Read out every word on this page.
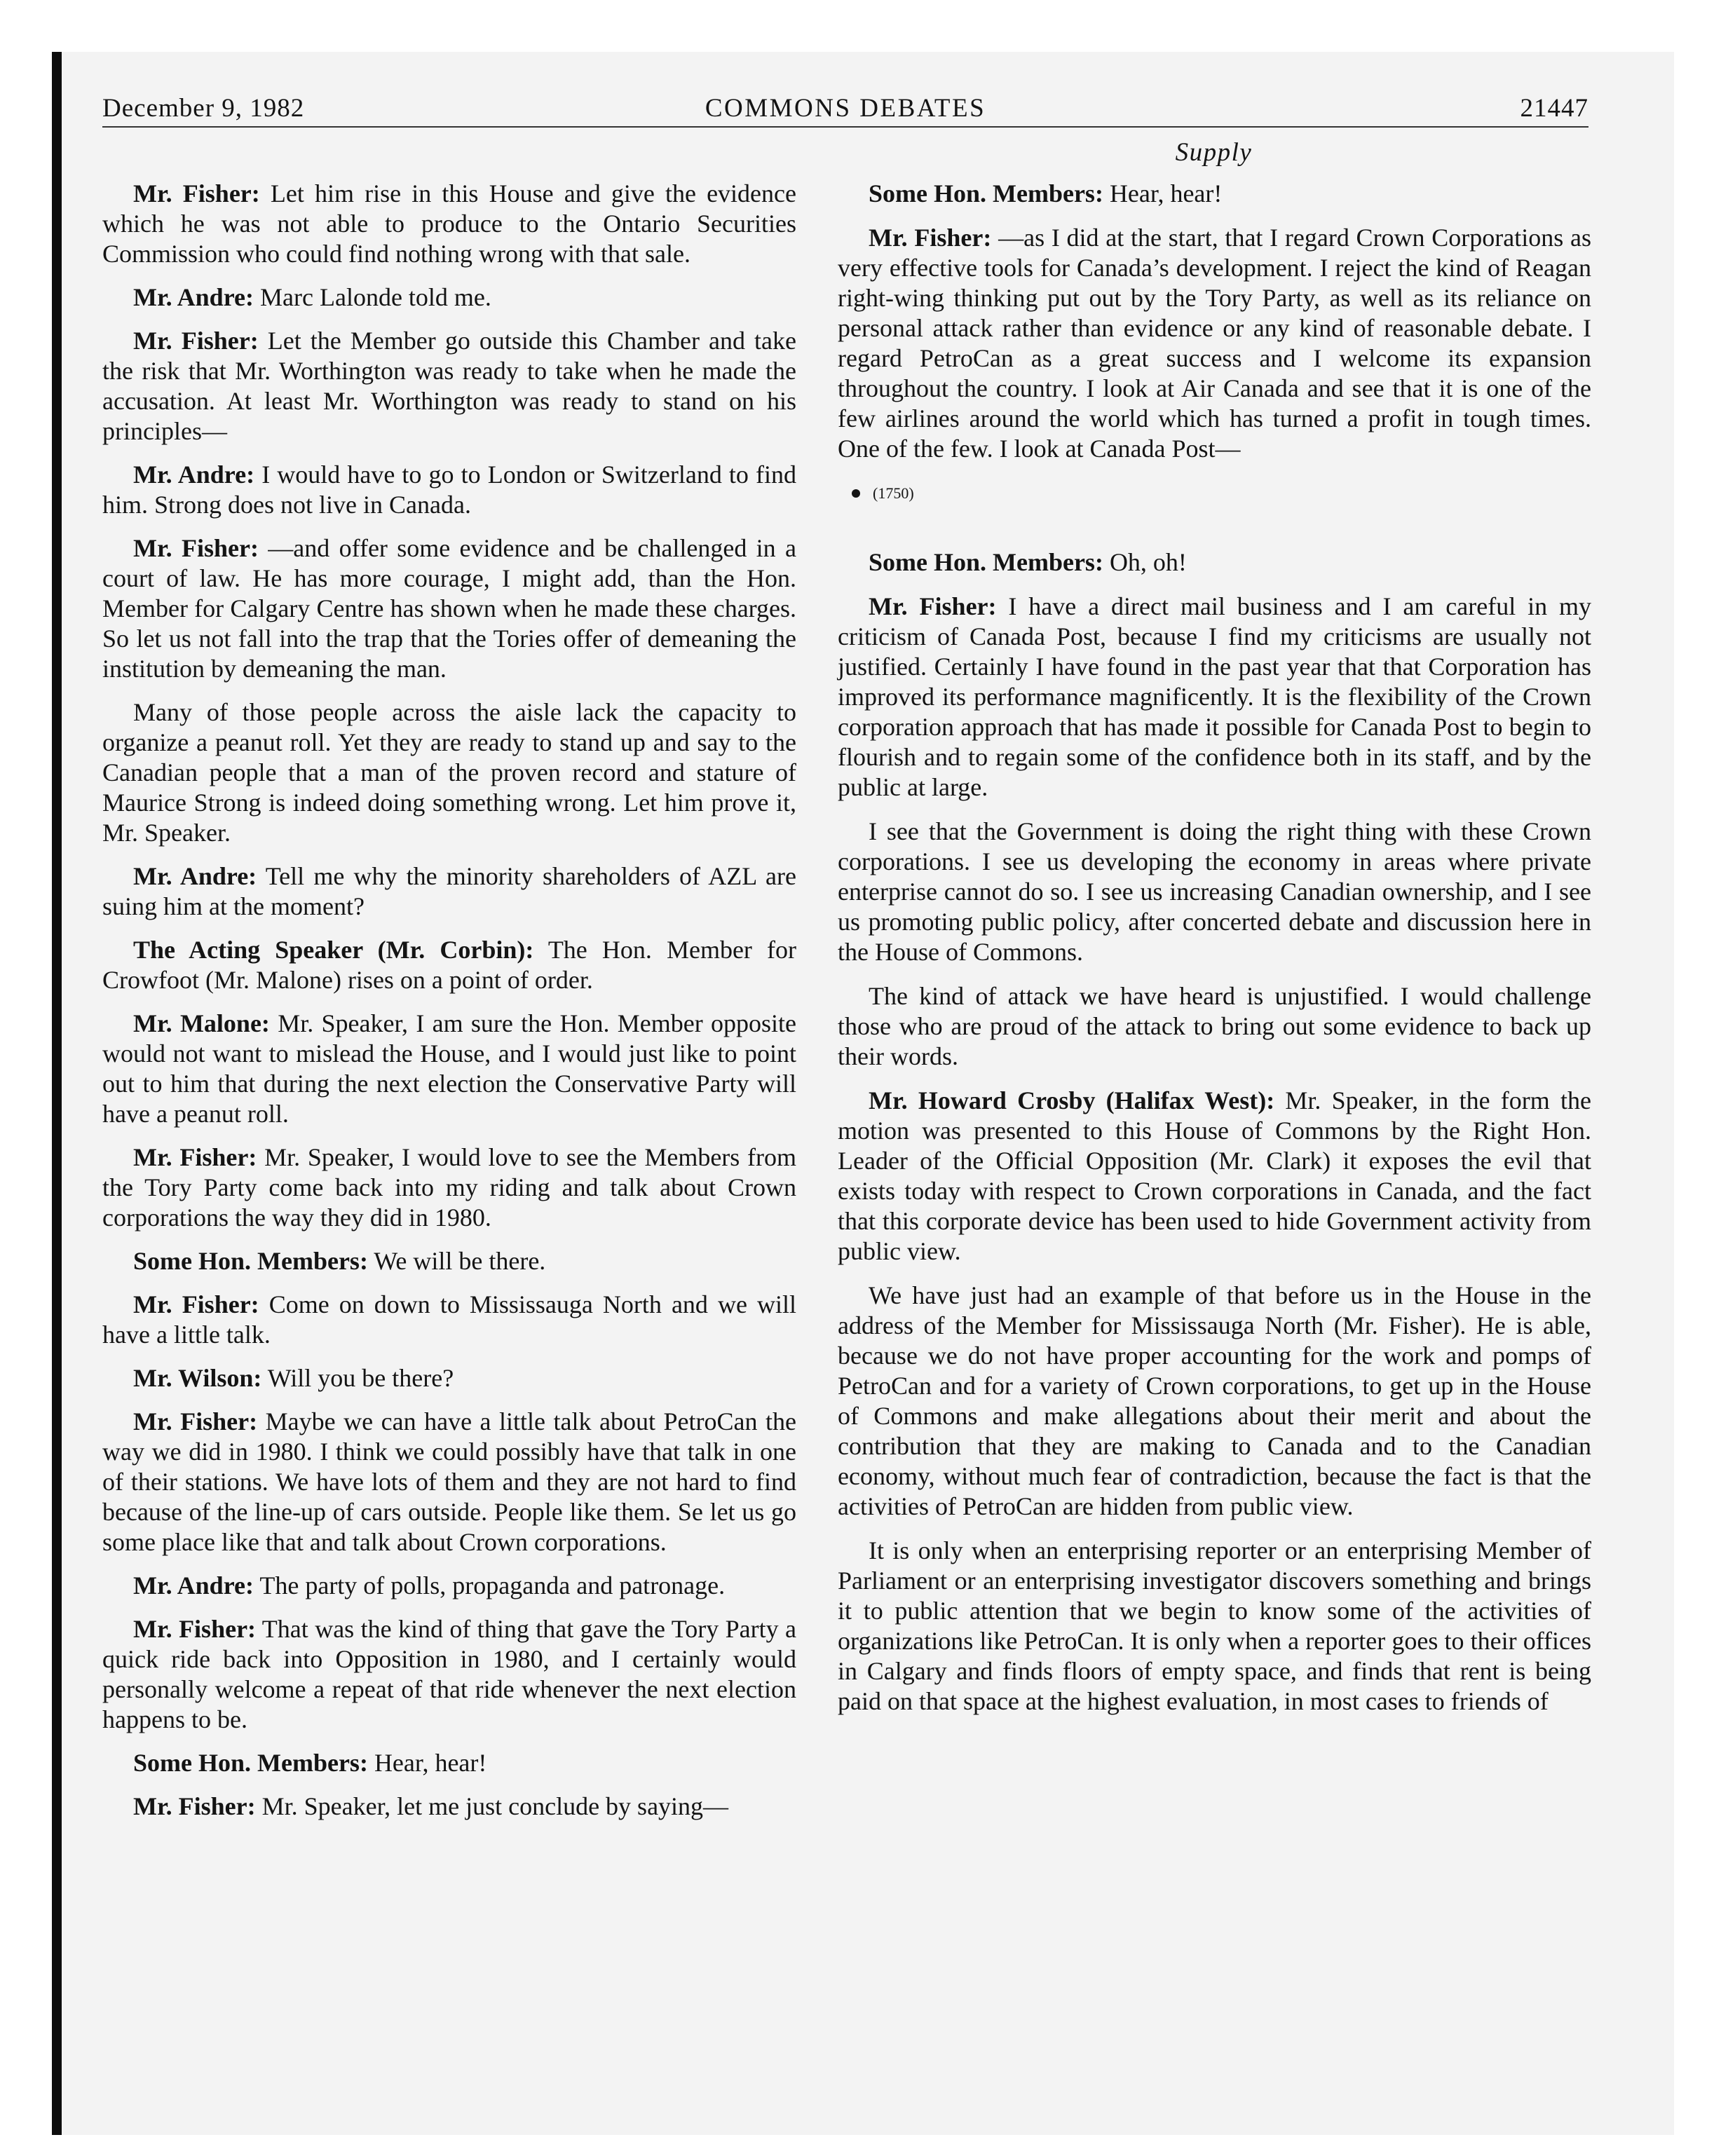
December 9, 1982	COMMONS DEBATES	21447
Supply

Mr. Fisher: Let him rise in this House and give the evidence which he was not able to produce to the Ontario Securities Commission who could find nothing wrong with that sale.

Mr. Andre: Marc Lalonde told me.

Mr. Fisher: Let the Member go outside this Chamber and take the risk that Mr. Worthington was ready to take when he made the accusation. At least Mr. Worthington was ready to stand on his principles—

Mr. Andre: I would have to go to London or Switzerland to find him. Strong does not live in Canada.

Mr. Fisher: —and offer some evidence and be challenged in a court of law. He has more courage, I might add, than the Hon. Member for Calgary Centre has shown when he made these charges. So let us not fall into the trap that the Tories offer of demeaning the institution by demeaning the man.

Many of those people across the aisle lack the capacity to organize a peanut roll. Yet they are ready to stand up and say to the Canadian people that a man of the proven record and stature of Maurice Strong is indeed doing something wrong. Let him prove it, Mr. Speaker.

Mr. Andre: Tell me why the minority shareholders of AZL are suing him at the moment?

The Acting Speaker (Mr. Corbin): The Hon. Member for Crowfoot (Mr. Malone) rises on a point of order.

Mr. Malone: Mr. Speaker, I am sure the Hon. Member opposite would not want to mislead the House, and I would just like to point out to him that during the next election the Conservative Party will have a peanut roll.

Mr. Fisher: Mr. Speaker, I would love to see the Members from the Tory Party come back into my riding and talk about Crown corporations the way they did in 1980.

Some Hon. Members: We will be there.

Mr. Fisher: Come on down to Mississauga North and we will have a little talk.

Mr. Wilson: Will you be there?

Mr. Fisher: Maybe we can have a little talk about PetroCan the way we did in 1980. I think we could possibly have that talk in one of their stations. We have lots of them and they are not hard to find because of the line-up of cars outside. People like them. Se let us go some place like that and talk about Crown corporations.

Mr. Andre: The party of polls, propaganda and patronage.

Mr. Fisher: That was the kind of thing that gave the Tory Party a quick ride back into Opposition in 1980, and I certainly would personally welcome a repeat of that ride whenever the next election happens to be.

Some Hon. Members: Hear, hear!

Mr. Fisher: Mr. Speaker, let me just conclude by saying—

Some Hon. Members: Hear, hear!

Mr. Fisher: —as I did at the start, that I regard Crown Corporations as very effective tools for Canada’s development. I reject the kind of Reagan right-wing thinking put out by the Tory Party, as well as its reliance on personal attack rather than evidence or any kind of reasonable debate. I regard PetroCan as a great success and I welcome its expansion throughout the country. I look at Air Canada and see that it is one of the few airlines around the world which has turned a profit in tough times. One of the few. I look at Canada Post—

(1750)

Some Hon. Members: Oh, oh!

Mr. Fisher: I have a direct mail business and I am careful in my criticism of Canada Post, because I find my criticisms are usually not justified. Certainly I have found in the past year that that Corporation has improved its performance magnificently. It is the flexibility of the Crown corporation approach that has made it possible for Canada Post to begin to flourish and to regain some of the confidence both in its staff, and by the public at large.

I see that the Government is doing the right thing with these Crown corporations. I see us developing the economy in areas where private enterprise cannot do so. I see us increasing Canadian ownership, and I see us promoting public policy, after concerted debate and discussion here in the House of Commons.

The kind of attack we have heard is unjustified. I would challenge those who are proud of the attack to bring out some evidence to back up their words.

Mr. Howard Crosby (Halifax West): Mr. Speaker, in the form the motion was presented to this House of Commons by the Right Hon. Leader of the Official Opposition (Mr. Clark) it exposes the evil that exists today with respect to Crown corporations in Canada, and the fact that this corporate device has been used to hide Government activity from public view.

We have just had an example of that before us in the House in the address of the Member for Mississauga North (Mr. Fisher). He is able, because we do not have proper accounting for the work and pomps of PetroCan and for a variety of Crown corporations, to get up in the House of Commons and make allegations about their merit and about the contribution that they are making to Canada and to the Canadian economy, without much fear of contradiction, because the fact is that the activities of PetroCan are hidden from public view.

It is only when an enterprising reporter or an enterprising Member of Parliament or an enterprising investigator discovers something and brings it to public attention that we begin to know some of the activities of organizations like PetroCan. It is only when a reporter goes to their offices in Calgary and finds floors of empty space, and finds that rent is being paid on that space at the highest evaluation, in most cases to friends of
